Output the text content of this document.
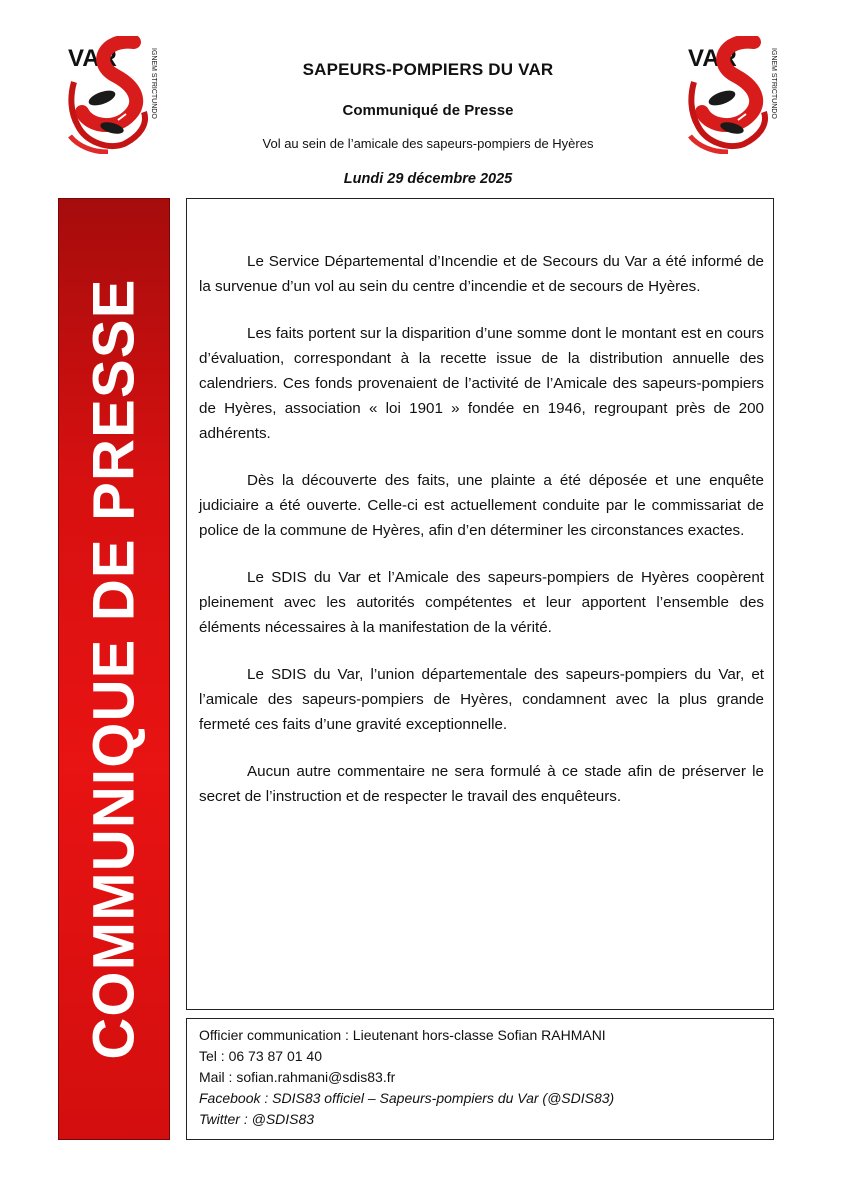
VAR	IGNEM STRICTUNDO	VAR	IGNEM STRICTUNDO
SAPEURS-POMPIERS DU VAR
Communiqué de Presse
Vol au sein de l’amicale des sapeurs-pompiers de Hyères
Lundi 29 décembre 2025
COMMUNIQUE DE PRESSE

Le Service Départemental d’Incendie et de Secours du Var a été informé de la survenue d’un vol au sein du centre d’incendie et de secours de Hyères.

Les faits portent sur la disparition d’une somme dont le montant est en cours d’évaluation, correspondant à la recette issue de la distribution annuelle des calendriers. Ces fonds provenaient de l’activité de l’Amicale des sapeurs-pompiers de Hyères, association « loi 1901 » fondée en 1946, regroupant près de 200 adhérents.

Dès la découverte des faits, une plainte a été déposée et une enquête judiciaire a été ouverte. Celle-ci est actuellement conduite par le commissariat de police de la commune de Hyères, afin d’en déterminer les circonstances exactes.

Le SDIS du Var et l’Amicale des sapeurs-pompiers de Hyères coopèrent pleinement avec les autorités compétentes et leur apportent l’ensemble des éléments nécessaires à la manifestation de la vérité.

Le SDIS du Var, l’union départementale des sapeurs-pompiers du Var, et l’amicale des sapeurs-pompiers de Hyères, condamnent avec la plus grande fermeté ces faits d’une gravité exceptionnelle.

Aucun autre commentaire ne sera formulé à ce stade afin de préserver le secret de l’instruction et de respecter le travail des enquêteurs.

Officier communication : Lieutenant hors-classe Sofian RAHMANI
Tel : 06 73 87 01 40
Mail : sofian.rahmani@sdis83.fr
Facebook : SDIS83 officiel – Sapeurs-pompiers du Var (@SDIS83)
Twitter : @SDIS83
